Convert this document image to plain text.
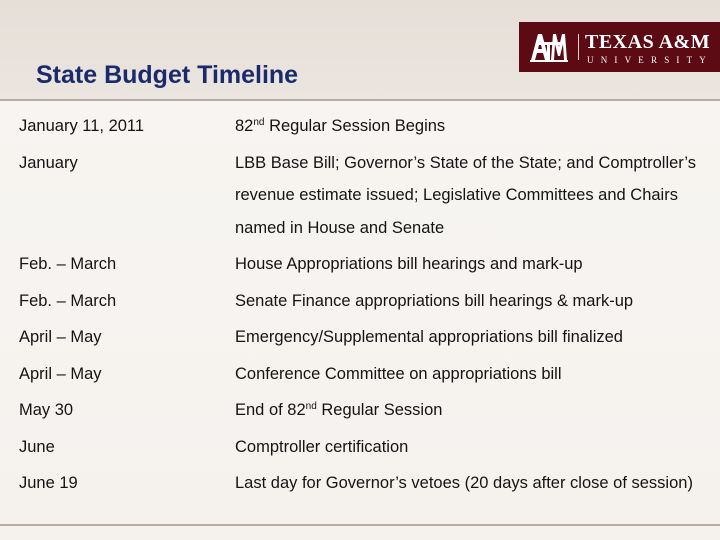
TEXAS A&M
UNIVERSITY
State Budget Timeline
January 11, 2011	82nd Regular Session Begins
January	LBB Base Bill; Governor’s State of the State; and Comptroller’s revenue estimate issued; Legislative Committees and Chairs named in House and Senate
Feb. – March	House Appropriations bill hearings and mark-up
Feb. – March	Senate Finance appropriations bill hearings & mark-up
April – May	Emergency/Supplemental appropriations bill finalized
April – May	Conference Committee on appropriations bill
May 30	End of 82nd Regular Session
June	Comptroller certification
June 19	Last day for Governor’s vetoes (20 days after close of session)
